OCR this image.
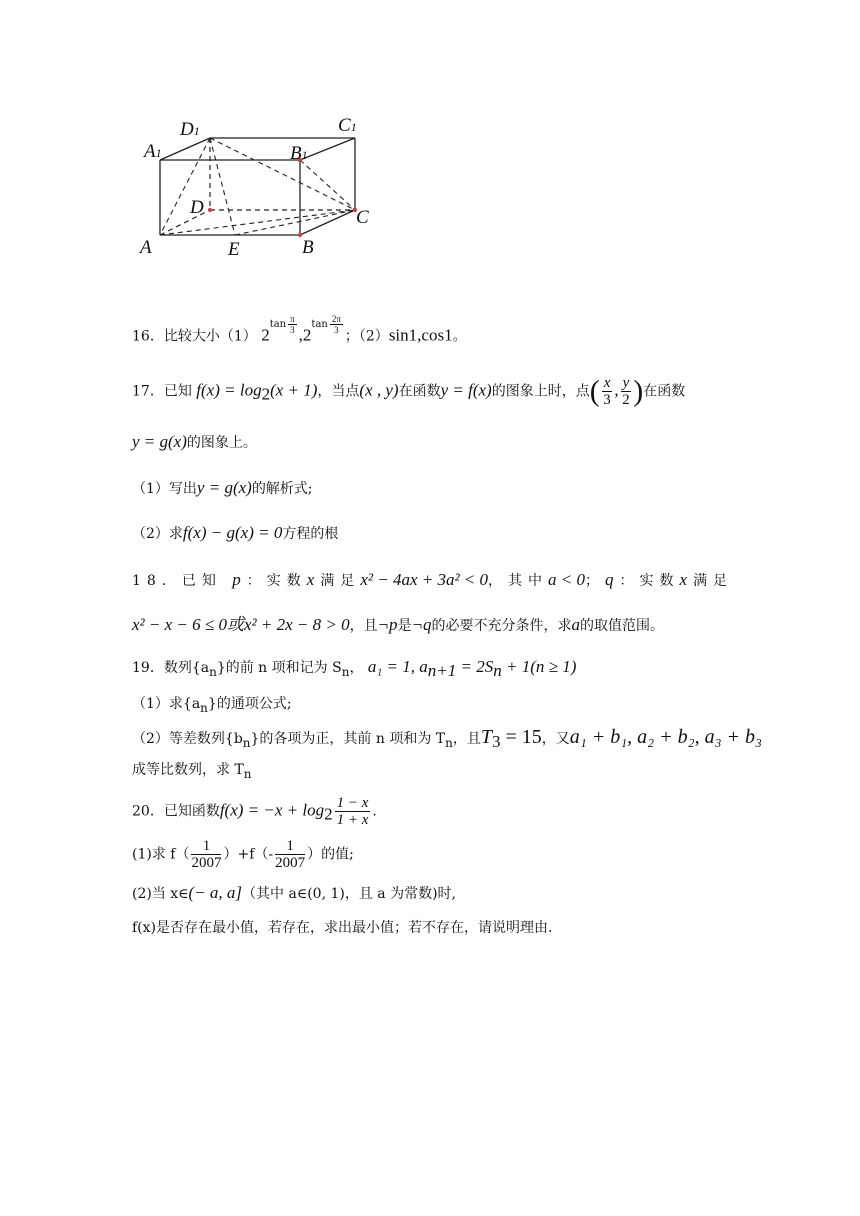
A1
D1	C1
B1
D	C
A	E	B
16．比较大小（1） $2^{tan \frac{\pi}{3}}$
$,2^{tan \frac{2\pi}{3}}$
；（2）sin1,cos1。
17．已知 $f(x) = \log_2(x + 1)$，当点(x , y)在函数y = f(x)的图象上时，点( $\frac{x}{3}$ , $\frac{y}{2}$ )在函数
y = g(x)的图象上。
（1）写出y = g(x)的解析式;
（2）求f(x) − g(x) = 0方程的根
18．已知 p：实数x满足x² − 4ax + 3a² < 0，其中a < 0；q：实数x满足
x² − x − 6 ≤ 0或x² + 2x − 8 > 0，且¬p是¬q的必要不充分条件，求a的取值范围。
19．数列$\{a_n\}$的前 n 项和记为 $S_n$， a₁ = 1, $a_{n+1} = 2S_n + 1(n \ge 1)$
（1）求$\{a_n\}$的通项公式;
（2）等差数列$\{b_n\}$的各项为正，其前 n 项和为 $T_n$，且$T_3 = 15$，又a₁ + b₁, a₂ + b₂, a₃ + b₃
成等比数列，求 $T_n$
20．已知函数$f(x) = -x + \log_2 \frac{1 - x}{1 + x}$ .
(1)求 $f( \frac{1}{2007} )+f(- \frac{1}{2007}$ ）的值;
(2)当 x∈(− a, a]（其中 a∈(0, 1)，且 a 为常数)时,
f(x)是否存在最小值，若存在，求出最小值；若不存在，请说明理由.
